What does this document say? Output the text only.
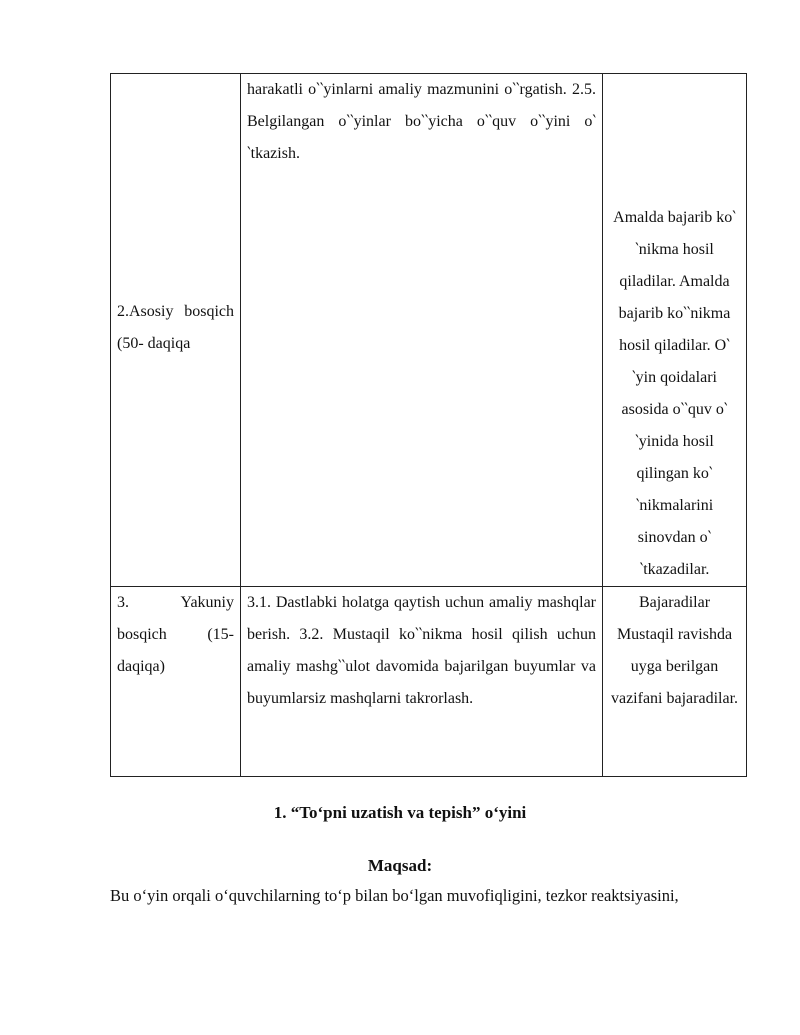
2.Asosiy bosqich (50- daqiqa	harakatli o‵‵yinlarni amaliy mazmunini o‵‵rgatish. 2.5. Belgilangan o‵‵yinlar bo‵‵yicha o‵‵quv o‵‵yini o‵‵tkazish.	Amalda bajarib ko‵‵nikma hosil qiladilar. Amalda bajarib ko‵‵nikma hosil qiladilar. O‵‵yin qoidalari asosida o‵‵quv o‵‵yinida hosil qilingan ko‵‵nikmalarini sinovdan o‵‵tkazadilar.

3. Yakuniy bosqich (15- daqiqa)	3.1. Dastlabki holatga qaytish uchun amaliy mashqlar berish. 3.2. Mustaqil ko‵‵nikma hosil qilish uchun amaliy mashg‵‵ulot davomida bajarilgan buyumlar va buyumlarsiz mashqlarni takrorlash.	Bajaradilar Mustaqil ravishda uyga berilgan vazifani bajaradilar.
1. “To‘pni uzatish va tepish” o‘yini
Maqsad:
Bu o‘yin orqali o‘quvchilarning to‘p bilan bo‘lgan muvofiqligini, tezkor reaktsiyasini,
